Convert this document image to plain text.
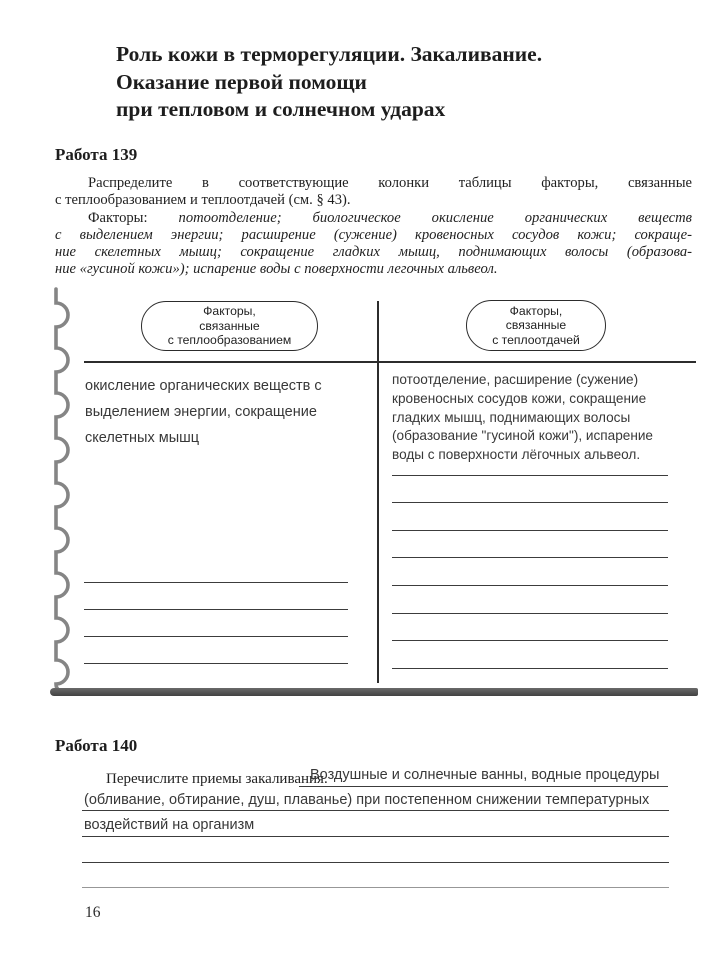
Роль кожи в терморегуляции. Закаливание.
Оказание первой помощи
при тепловом и солнечном ударах
Работа 139
Распределите в соответствующие колонки таблицы факторы, связанные
с теплообразованием и теплоотдачей (см. § 43).
Факторы: потоотделение; биологическое окисление органических веществ
с выделением энергии; расширение (сужение) кровеносных сосудов кожи; сокраще-
ние скелетных мышц; сокращение гладких мышц, поднимающих волосы (образова-
ние «гусиной кожи»); испарение воды с поверхности легочных альвеол.
Факторы,
связанные
с теплообразованием
Факторы,
связанные
с теплоотдачей
окисление органических веществ с
выделением энергии, сокращение
скелетных мышц
потоотделение, расширение (сужение)
кровеносных сосудов кожи, сокращение
гладких мышц, поднимающих волосы
(образование "гусиной кожи"), испарение
воды с поверхности лёгочных альвеол.
Работа 140
Перечислите приемы закаливания.
Воздушные и солнечные ванны, водные процедуры
(обливание, обтирание, душ, плаванье) при постепенном снижении температурных
воздействий на организм
16
